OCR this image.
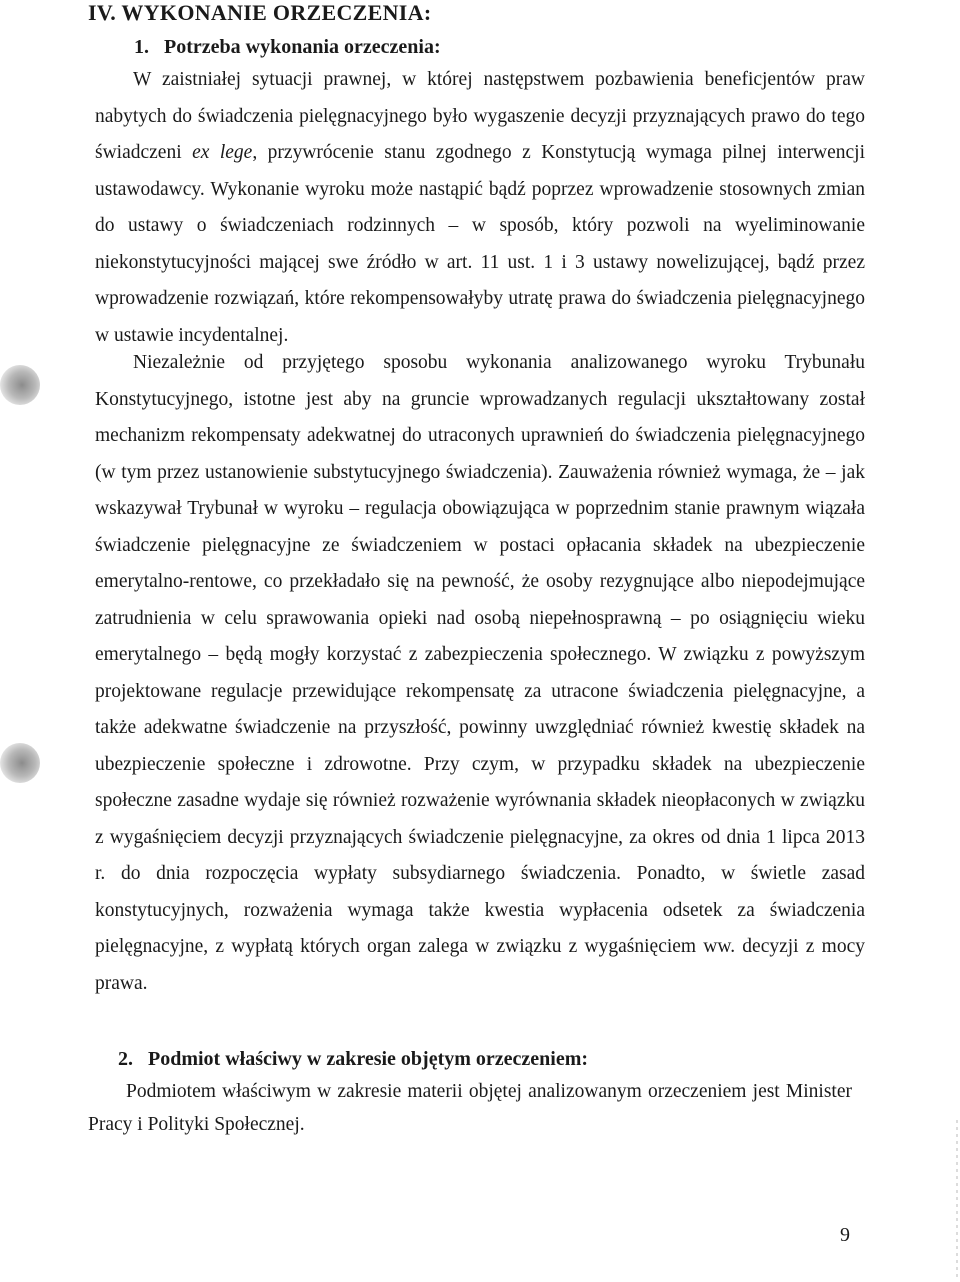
IV. WYKONANIE ORZECZENIA:
1. Potrzeba wykonania orzeczenia:

W zaistniałej sytuacji prawnej, w której następstwem pozbawienia beneficjentów praw nabytych do świadczenia pielęgnacyjnego było wygaszenie decyzji przyznających prawo do tego świadczeni ex lege, przywrócenie stanu zgodnego z Konstytucją wymaga pilnej interwencji ustawodawcy. Wykonanie wyroku może nastąpić bądź poprzez wprowadzenie stosownych zmian do ustawy o świadczeniach rodzinnych – w sposób, który pozwoli na wyeliminowanie niekonstytucyjności mającej swe źródło w art. 11 ust. 1 i 3 ustawy nowelizującej, bądź przez wprowadzenie rozwiązań, które rekompensowałyby utratę prawa do świadczenia pielęgnacyjnego w ustawie incydentalnej.

Niezależnie od przyjętego sposobu wykonania analizowanego wyroku Trybunału Konstytucyjnego, istotne jest aby na gruncie wprowadzanych regulacji ukształtowany został mechanizm rekompensaty adekwatnej do utraconych uprawnień do świadczenia pielęgnacyjnego (w tym przez ustanowienie substytucyjnego świadczenia). Zauważenia również wymaga, że – jak wskazywał Trybunał w wyroku – regulacja obowiązująca w poprzednim stanie prawnym wiązała świadczenie pielęgnacyjne ze świadczeniem w postaci opłacania składek na ubezpieczenie emerytalno-rentowe, co przekładało się na pewność, że osoby rezygnujące albo niepodejmujące zatrudnienia w celu sprawowania opieki nad osobą niepełnosprawną – po osiągnięciu wieku emerytalnego – będą mogły korzystać z zabezpieczenia społecznego. W związku z powyższym projektowane regulacje przewidujące rekompensatę za utracone świadczenia pielęgnacyjne, a także adekwatne świadczenie na przyszłość, powinny uwzględniać również kwestię składek na ubezpieczenie społeczne i zdrowotne. Przy czym, w przypadku składek na ubezpieczenie społeczne zasadne wydaje się również rozważenie wyrównania składek nieopłaconych w związku z wygaśnięciem decyzji przyznających świadczenie pielęgnacyjne, za okres od dnia 1 lipca 2013 r. do dnia rozpoczęcia wypłaty subsydiarnego świadczenia. Ponadto, w świetle zasad konstytucyjnych, rozważenia wymaga także kwestia wypłacenia odsetek za świadczenia pielęgnacyjne, z wypłatą których organ zalega w związku z wygaśnięciem ww. decyzji z mocy prawa.

2. Podmiot właściwy w zakresie objętym orzeczeniem:

Podmiotem właściwym w zakresie materii objętej analizowanym orzeczeniem jest Minister Pracy i Polityki Społecznej.

9
